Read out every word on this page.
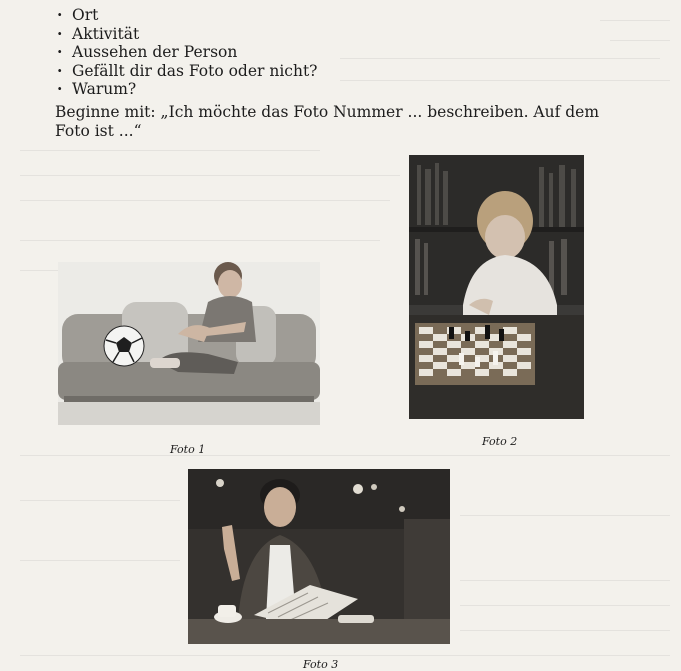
· Ort
· Aktivität
· Aussehen der Person
· Gefällt dir das Foto oder nicht?
· Warum?
Beginne mit: „Ich möchte das Foto Nummer ... beschreiben. Auf dem
Foto ist ...“
Foto 1
Foto 2
Foto 3
